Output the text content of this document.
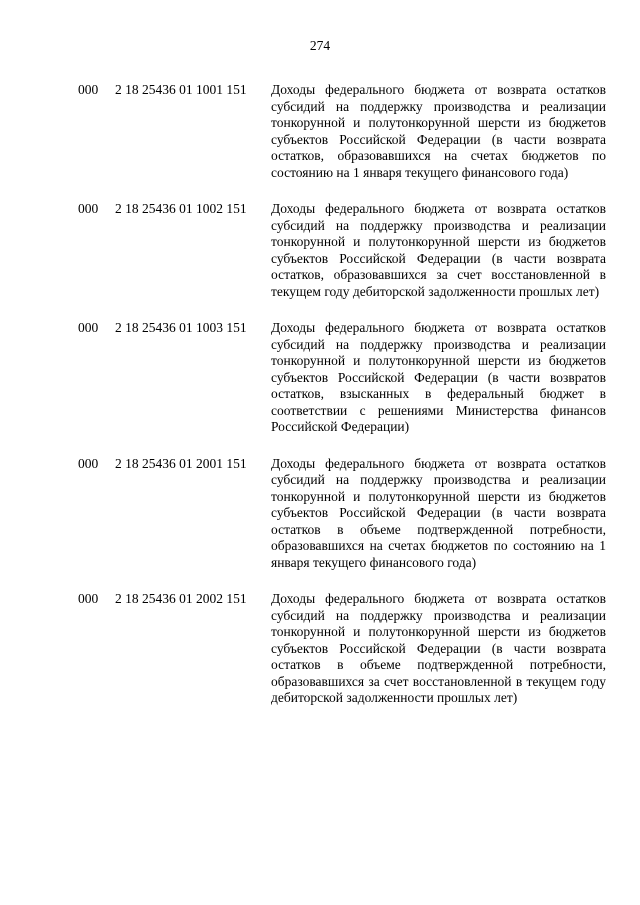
274
000 2 18 25436 01 1001 151 Доходы федерального бюджета от возврата остатков субсидий на поддержку производства и реализации тонкорунной и полутонкорунной шерсти из бюджетов субъектов Российской Федерации (в части возврата остатков, образовавшихся на счетах бюджетов по состоянию на 1 января текущего финансового года)
000 2 18 25436 01 1002 151 Доходы федерального бюджета от возврата остатков субсидий на поддержку производства и реализации тонкорунной и полутонкорунной шерсти из бюджетов субъектов Российской Федерации (в части возврата остатков, образовавшихся за счет восстановленной в текущем году дебиторской задолженности прошлых лет)
000 2 18 25436 01 1003 151 Доходы федерального бюджета от возврата остатков субсидий на поддержку производства и реализации тонкорунной и полутонкорунной шерсти из бюджетов субъектов Российской Федерации (в части возвратов остатков, взысканных в федеральный бюджет в соответствии с решениями Министерства финансов Российской Федерации)
000 2 18 25436 01 2001 151 Доходы федерального бюджета от возврата остатков субсидий на поддержку производства и реализации тонкорунной и полутонкорунной шерсти из бюджетов субъектов Российской Федерации (в части возврата остатков в объеме подтвержденной потребности, образовавшихся на счетах бюджетов по состоянию на 1 января текущего финансового года)
000 2 18 25436 01 2002 151 Доходы федерального бюджета от возврата остатков субсидий на поддержку производства и реализации тонкорунной и полутонкорунной шерсти из бюджетов субъектов Российской Федерации (в части возврата остатков в объеме подтвержденной потребности, образовавшихся за счет восстановленной в текущем году дебиторской задолженности прошлых лет)
